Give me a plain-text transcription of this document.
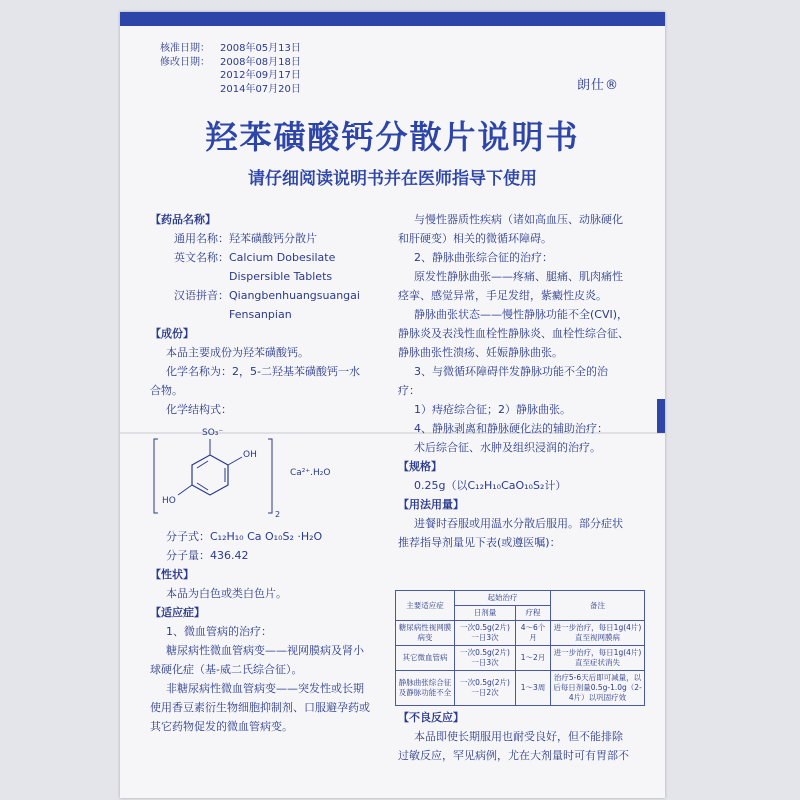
核准日期：	2008年05月13日
修改日期：	2008年08月18日
2012年09月17日
2014年07月20日	朗仕®
羟苯磺酸钙分散片说明书
请仔细阅读说明书并在医师指导下使用
【药品名称】
通用名称： 羟苯磺酸钙分散片
英文名称： Calcium Dobesilate
Dispersible Tablets
汉语拼音： Qiangbenhuangsuangai
Fensanpian
【成份】
本品主要成份为羟苯磺酸钙。
化学名称为：2，5-二羟基苯磺酸钙一水
合物。
化学结构式：
SO₃⁻
OH
HO
2
Ca²⁺.H₂O
分子式：C₁₂H₁₀ Ca O₁₀S₂ ·H₂O
分子量：436.42
【性状】
本品为白色或类白色片。
【适应症】
1、微血管病的治疗：
糖尿病性微血管病变——视网膜病及肾小
球硬化症（基-威二氏综合征）。
非糖尿病性微血管病变——突发性或长期
使用香豆素衍生物细胞抑制剂、口服避孕药或
其它药物促发的微血管病变。
与慢性器质性疾病（诸如高血压、动脉硬化
和肝硬变）相关的微循环障碍。
2、静脉曲张综合征的治疗：
原发性静脉曲张——疼痛、腿痛、肌肉痛性
痉挛、感觉异常，手足发绀，紫癜性皮炎。
静脉曲张状态——慢性静脉功能不全(CVI)，
静脉炎及表浅性血栓性静脉炎、血栓性综合征、
静脉曲张性溃疡、妊娠静脉曲张。
3、与微循环障碍伴发静脉功能不全的治
疗：
1）痔疮综合征；2）静脉曲张。
4、静脉剥离和静脉硬化法的辅助治疗：
术后综合征、水肿及组织浸润的治疗。
【规格】
0.25g（以C₁₂H₁₀CaO₁₀S₂计）
【用法用量】
进餐时吞服或用温水分散后服用。部分症状
推荐指导剂量见下表(或遵医嘱)：
主要适应症	起始治疗		备注
	日剂量	疗程	
糖尿病性视网膜病变	一次0.5g(2片)一日3次	4～6个月	进一步治疗，每日1g(4片)直至视网膜病
其它微血管病	一次0.5g(2片)一日3次	1～2月	进一步治疗，每日1g(4片)直至症状消失
静脉曲张综合征及静脉功能不全	一次0.5g(2片)一日2次	1～3周	治疗5-6天后即可减量，以后每日剂量0.5g-1.0g（2-4片）以巩固疗效
【不良反应】
本品即使长期服用也耐受良好，但不能排除
过敏反应，罕见病例，尤在大剂量时可有胃部不
